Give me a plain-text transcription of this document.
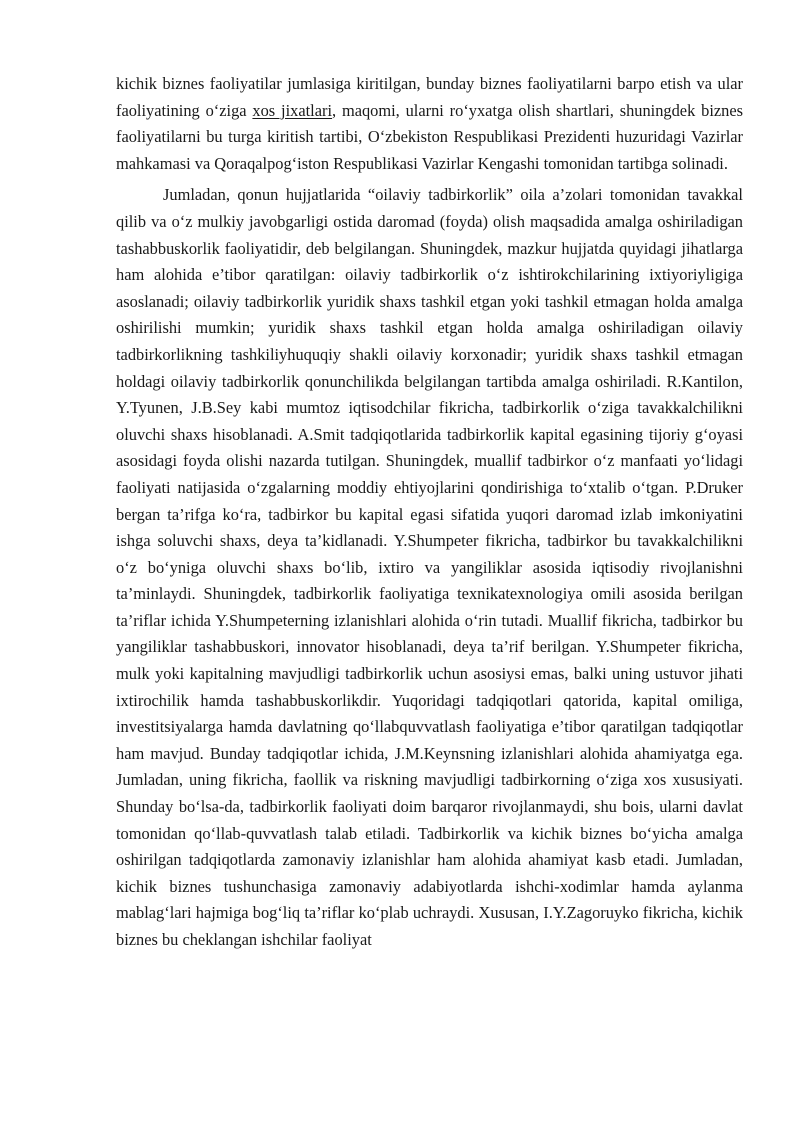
kichik biznes faoliyatilar jumlasiga kiritilgan, bunday biznes faoliyatilarni barpo etish va ular faoliyatining o‘ziga xos jixatlari, maqomi, ularni ro‘yxatga olish shartlari, shuningdek biznes faoliyatilarni bu turga kiritish tartibi, O‘zbekiston Respublikasi Prezidenti huzuridagi Vazirlar mahkamasi va Qoraqalpog‘iston Respublikasi Vazirlar Kengashi tomonidan tartibga solinadi.

Jumladan, qonun hujjatlarida “oilaviy tadbirkorlik” oila a’zolari tomonidan tavakkal qilib va o‘z mulkiy javobgarligi ostida daromad (foyda) olish maqsadida amalga oshiriladigan tashabbuskorlik faoliyatidir, deb belgilangan. Shuningdek, mazkur hujjatda quyidagi jihatlarga ham alohida e’tibor qaratilgan: oilaviy tadbirkorlik o‘z ishtirokchilarining ixtiyoriyligiga asoslanadi; oilaviy tadbirkorlik yuridik shaxs tashkil etgan yoki tashkil etmagan holda amalga oshirilishi mumkin; yuridik shaxs tashkil etgan holda amalga oshiriladigan oilaviy tadbirkorlikning tashkiliyhuquqiy shakli oilaviy korxonadir; yuridik shaxs tashkil etmagan holdagi oilaviy tadbirkorlik qonunchilikda belgilangan tartibda amalga oshiriladi. R.Kantilon, Y.Tyunen, J.B.Sey kabi mumtoz iqtisodchilar fikricha, tadbirkorlik o‘ziga tavakkalchilikni oluvchi shaxs hisoblanadi. A.Smit tadqiqotlarida tadbirkorlik kapital egasining tijoriy g‘oyasi asosidagi foyda olishi nazarda tutilgan. Shuningdek, muallif tadbirkor o‘z manfaati yo‘lidagi faoliyati natijasida o‘zgalarning moddiy ehtiyojlarini qondirishiga to‘xtalib o‘tgan. P.Druker bergan ta’rifga ko‘ra, tadbirkor bu kapital egasi sifatida yuqori daromad izlab imkoniyatini ishga soluvchi shaxs, deya ta’kidlanadi. Y.Shumpeter fikricha, tadbirkor bu tavakkalchilikni o‘z bo‘yniga oluvchi shaxs bo‘lib, ixtiro va yangiliklar asosida iqtisodiy rivojlanishni ta’minlaydi. Shuningdek, tadbirkorlik faoliyatiga texnikatexnologiya omili asosida berilgan ta’riflar ichida Y.Shumpeterning izlanishlari alohida o‘rin tutadi. Muallif fikricha, tadbirkor bu yangiliklar tashabbuskori, innovator hisoblanadi, deya ta’rif berilgan. Y.Shumpeter fikricha, mulk yoki kapitalning mavjudligi tadbirkorlik uchun asosiysi emas, balki uning ustuvor jihati ixtirochilik hamda tashabbuskorlikdir. Yuqoridagi tadqiqotlari qatorida, kapital omiliga, investitsiyalarga hamda davlatning qo‘llabquvvatlash faoliyatiga e’tibor qaratilgan tadqiqotlar ham mavjud. Bunday tadqiqotlar ichida, J.M.Keynsning izlanishlari alohida ahamiyatga ega. Jumladan, uning fikricha, faollik va riskning mavjudligi tadbirkorning o‘ziga xos xususiyati. Shunday bo‘lsa-da, tadbirkorlik faoliyati doim barqaror rivojlanmaydi, shu bois, ularni davlat tomonidan qo‘llab-quvvatlash talab etiladi. Tadbirkorlik va kichik biznes bo‘yicha amalga oshirilgan tadqiqotlarda zamonaviy izlanishlar ham alohida ahamiyat kasb etadi. Jumladan, kichik biznes tushunchasiga zamonaviy adabiyotlarda ishchi-xodimlar hamda aylanma mablag‘lari hajmiga bog‘liq ta’riflar ko‘plab uchraydi. Xususan, I.Y.Zagoruyko fikricha, kichik biznes bu cheklangan ishchilar faoliyat
